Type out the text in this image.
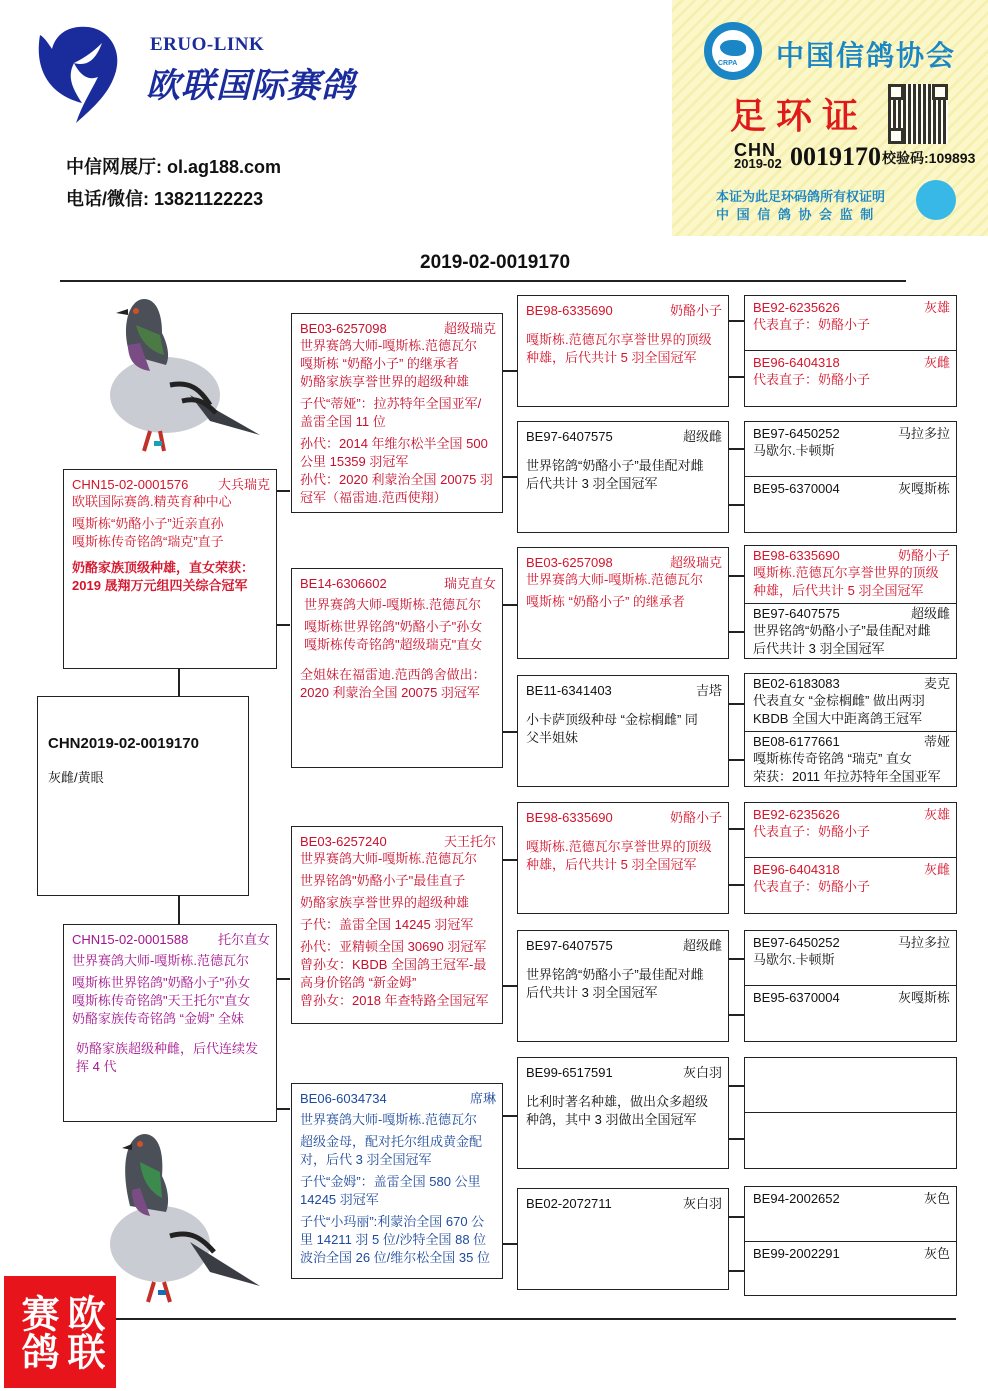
ERUO-LINK
欧联国际赛鸽
中信网展厅: ol.ag188.com
电话/微信: 13821122223
CRPA 中国信鸽协会
足环证
CHN
2019-02 0019170 校验码:109893
本证为此足环码鸽所有权证明
中 国 信 鸽 协 会 监 制
2019-02-0019170
CHN15-02-0001576 大兵瑞克
欧联国际赛鸽.精英育种中心
嘎斯栋“奶酪小子”近亲直孙
嘎斯栋传奇铭鸽“瑞克”直子
奶酪家族顶级种雄，直女荣获：
2019 晟翔万元组四关综合冠军
CHN2019-02-0019170
灰雌/黄眼
CHN15-02-0001588 托尔直女
世界赛鸽大师-嘎斯栋.范德瓦尔
嘎斯栋世界铭鸽"奶酪小子"孙女
嘎斯栋传奇铭鸽"天王托尔"直女
奶酪家族传奇铭鸽 “金姆” 全妹
奶酪家族超级种雌，后代连续发
挥 4 代
BE03-6257098	超级瑞克
世界赛鸽大师-嘎斯栋.范德瓦尔
嘎斯栋 “奶酪小子” 的继承者
奶酪家族享誉世界的超级种雄
子代“蒂娅”：拉苏特年全国亚军/
盖雷全国 11 位
孙代：2014 年维尔松半全国 500
公里 15359 羽冠军
孙代：2020 利蒙治全国 20075 羽
冠军（福雷迪.范西使翔）
BE14-6306602	瑞克直女
世界赛鸽大师-嘎斯栋.范德瓦尔
嘎斯栋世界铭鸽"奶酪小子"孙女
嘎斯栋传奇铭鸽"超级瑞克"直女
全姐妹在福雷迪.范西鸽舍做出：
2020 利蒙治全国 20075 羽冠军
BE03-6257240	天王托尔
世界赛鸽大师-嘎斯栋.范德瓦尔
世界铭鸽"奶酪小子"最佳直子
奶酪家族享誉世界的超级种雄
子代：盖雷全国 14245 羽冠军
孙代：亚精顿全国 30690 羽冠军
曾孙女：KBDB 全国鸽王冠军-最
高身价铭鸽 “新金姆”
曾孙女：2018 年查特路全国冠军
BE06-6034734	席琳
世界赛鸽大师-嘎斯栋.范德瓦尔
超级金母，配对托尔组成黄金配
对，后代 3 羽全国冠军
子代“金姆”：盖雷全国 580 公里
14245 羽冠军
子代“小玛丽”:利蒙治全国 670 公
里 14211 羽 5 位/沙特全国 88 位
波治全国 26 位/维尔松全国 35 位
BE98-6335690	奶酪小子
嘎斯栋.范德瓦尔享誉世界的顶级
种雄，后代共计 5 羽全国冠军
BE97-6407575	超级雌
世界铭鸽“奶酪小子”最佳配对雌
后代共计 3 羽全国冠军
BE03-6257098	超级瑞克
世界赛鸽大师-嘎斯栋.范德瓦尔
嘎斯栋 “奶酪小子” 的继承者
BE11-6341403	吉塔
小卡萨顶级种母 “金棕榈雌” 同
父半姐妹
BE98-6335690	奶酪小子
嘎斯栋.范德瓦尔享誉世界的顶级
种雄，后代共计 5 羽全国冠军
BE97-6407575	超级雌
世界铭鸽“奶酪小子”最佳配对雌
后代共计 3 羽全国冠军
BE99-6517591	灰白羽
比利时著名种雄，做出众多超级
种鸽，其中 3 羽做出全国冠军
BE02-2072711	灰白羽
BE92-6235626	灰雄
代表直子：奶酪小子
BE96-6404318	灰雌
代表直子：奶酪小子
BE97-6450252	马拉多拉
马歇尔.卡顿斯
BE95-6370004	灰嘎斯栋
BE98-6335690	奶酪小子
嘎斯栋.范德瓦尔享誉世界的顶级
种雄，后代共计 5 羽全国冠军
BE97-6407575	超级雌
世界铭鸽“奶酪小子”最佳配对雌
后代共计 3 羽全国冠军
BE02-6183083	麦克
代表直女 “金棕榈雌” 做出两羽
KBDB 全国大中距离鸽王冠军
BE08-6177661	蒂娅
嘎斯栋传奇铭鸽 “瑞克” 直女
荣获：2011 年拉苏特年全国亚军
BE92-6235626	灰雄
代表直子：奶酪小子
BE96-6404318	灰雌
代表直子：奶酪小子
BE97-6450252	马拉多拉
马歇尔.卡顿斯
BE95-6370004	灰嘎斯栋
BE94-2002652	灰色
BE99-2002291	灰色
欧联赛鸽
